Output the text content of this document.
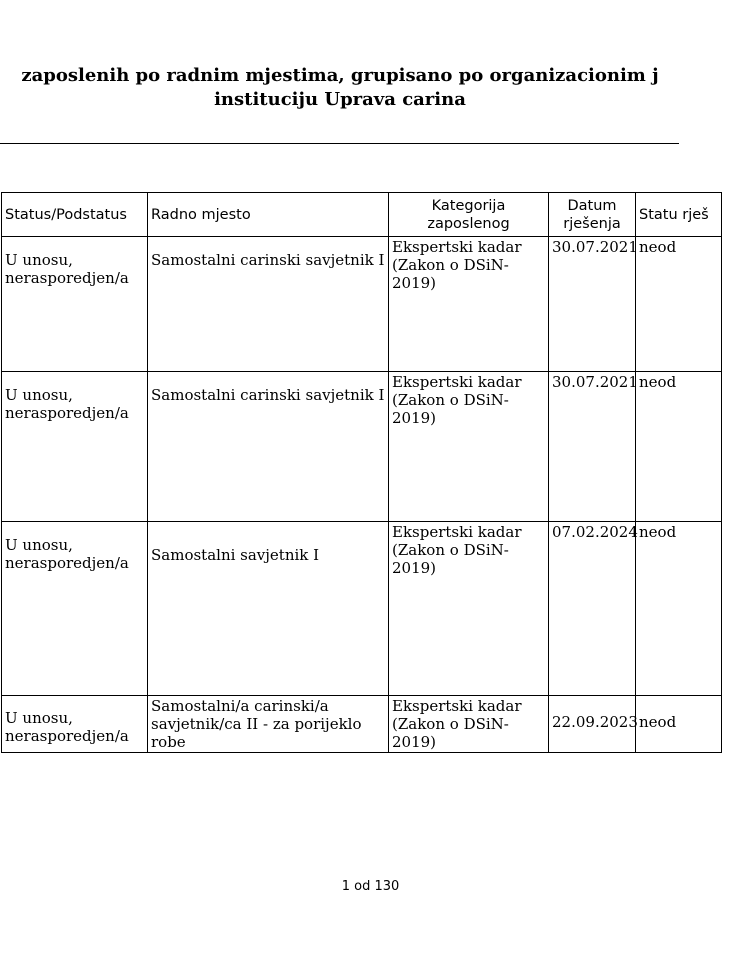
zaposlenih po radnim mjestima, grupisano po organizacionim j
instituciju Uprava carina
Status/Podstatus	Radno mjesto	Kategorija zaposlenog	Datum rješenja	Statu rješ

U unosu, nerasporedjen/a	Samostalni carinski savjetnik I	Ekspertski kadar (Zakon o DSiN-2019)	30.07.2021	neod

U unosu, nerasporedjen/a	Samostalni carinski savjetnik I	Ekspertski kadar (Zakon o DSiN-2019)	30.07.2021	neod

U unosu, nerasporedjen/a	Samostalni savjetnik I	Ekspertski kadar (Zakon o DSiN-2019)	07.02.2024	neod

U unosu, nerasporedjen/a	Samostalni/a carinski/a savjetnik/ca II - za porijeklo robe	Ekspertski kadar (Zakon o DSiN-2019)	22.09.2023	neod
1 od 130
